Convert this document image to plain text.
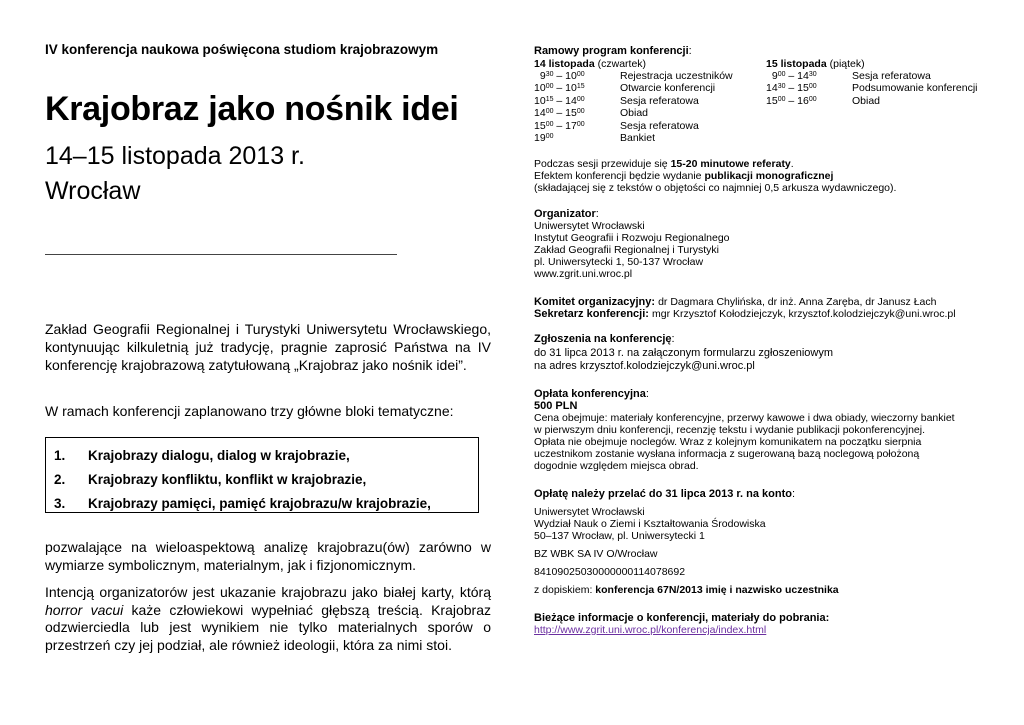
IV konferencja naukowa poświęcona studiom krajobrazowym
Krajobraz jako nośnik idei
14–15 listopada 2013 r.
Wrocław
Zakład Geografii Regionalnej i Turystyki Uniwersytetu Wrocławskiego, kontynuując kilkuletnią już tradycję, pragnie zaprosić Państwa na IV konferencję krajobrazową zatytułowaną „Krajobraz jako nośnik idei”.
W ramach konferencji zaplanowano trzy główne bloki tematyczne:
1. Krajobrazy dialogu, dialog w krajobrazie,
2. Krajobrazy konfliktu, konflikt w krajobrazie,
3. Krajobrazy pamięci, pamięć krajobrazu/w krajobrazie,
pozwalające na wieloaspektową analizę krajobrazu(ów) zarówno w wymiarze symbolicznym, materialnym, jak i fizjonomicznym.
Intencją organizatorów jest ukazanie krajobrazu jako białej karty, którą horror vacui każe człowiekowi wypełniać głębszą treścią. Krajobraz odzwierciedla lub jest wynikiem nie tylko materialnych sporów o przestrzeń czy jej podział, ale również ideologii, która za nimi stoi.
Ramowy program konferencji:
14 listopada (czwartek)
$9^{30} - 10^{00}$	Rejestracja uczestników
$10^{00} - 10^{15}$	Otwarcie konferencji
$10^{15} - 14^{00}$	Sesja referatowa
$14^{00} - 15^{00}$	Obiad
$15^{00} - 17^{00}$	Sesja referatowa
$19^{00}$	Bankiet
15 listopada (piątek)
$9^{00} - 14^{30}$	Sesja referatowa
$14^{30} - 15^{00}$	Podsumowanie konferencji
$15^{00} - 16^{00}$	Obiad
Podczas sesji przewiduje się 15-20 minutowe referaty.
Efektem konferencji będzie wydanie publikacji monograficznej
(składającej się z tekstów o objętości co najmniej 0,5 arkusza wydawniczego).
Organizator:
Uniwersytet Wrocławski
Instytut Geografii i Rozwoju Regionalnego
Zakład Geografii Regionalnej i Turystyki
pl. Uniwersytecki 1, 50-137 Wrocław
www.zgrit.uni.wroc.pl
Komitet organizacyjny: dr Dagmara Chylińska, dr inż. Anna Zaręba, dr Janusz Łach
Sekretarz konferencji: mgr Krzysztof Kołodziejczyk, krzysztof.kolodziejczyk@uni.wroc.pl
Zgłoszenia na konferencję:
do 31 lipca 2013 r. na załączonym formularzu zgłoszeniowym
na adres krzysztof.kolodziejczyk@uni.wroc.pl
Opłata konferencyjna:
500 PLN
Cena obejmuje: materiały konferencyjne, przerwy kawowe i dwa obiady, wieczorny bankiet
w pierwszym dniu konferencji, recenzję tekstu i wydanie publikacji pokonferencyjnej.
Opłata nie obejmuje noclegów. Wraz z kolejnym komunikatem na początku sierpnia
uczestnikom zostanie wysłana informacja z sugerowaną bazą noclegową położoną
dogodnie względem miejsca obrad.
Opłatę należy przelać do 31 lipca 2013 r. na konto:
Uniwersytet Wrocławski
Wydział Nauk o Ziemi i Kształtowania Środowiska
50–137 Wrocław, pl. Uniwersytecki 1
BZ WBK SA IV O/Wrocław
84109025030000000114078692
z dopiskiem: konferencja 67N/2013 imię i nazwisko uczestnika
Bieżące informacje o konferencji, materiały do pobrania:
http://www.zgrit.uni.wroc.pl/konferencja/index.html
